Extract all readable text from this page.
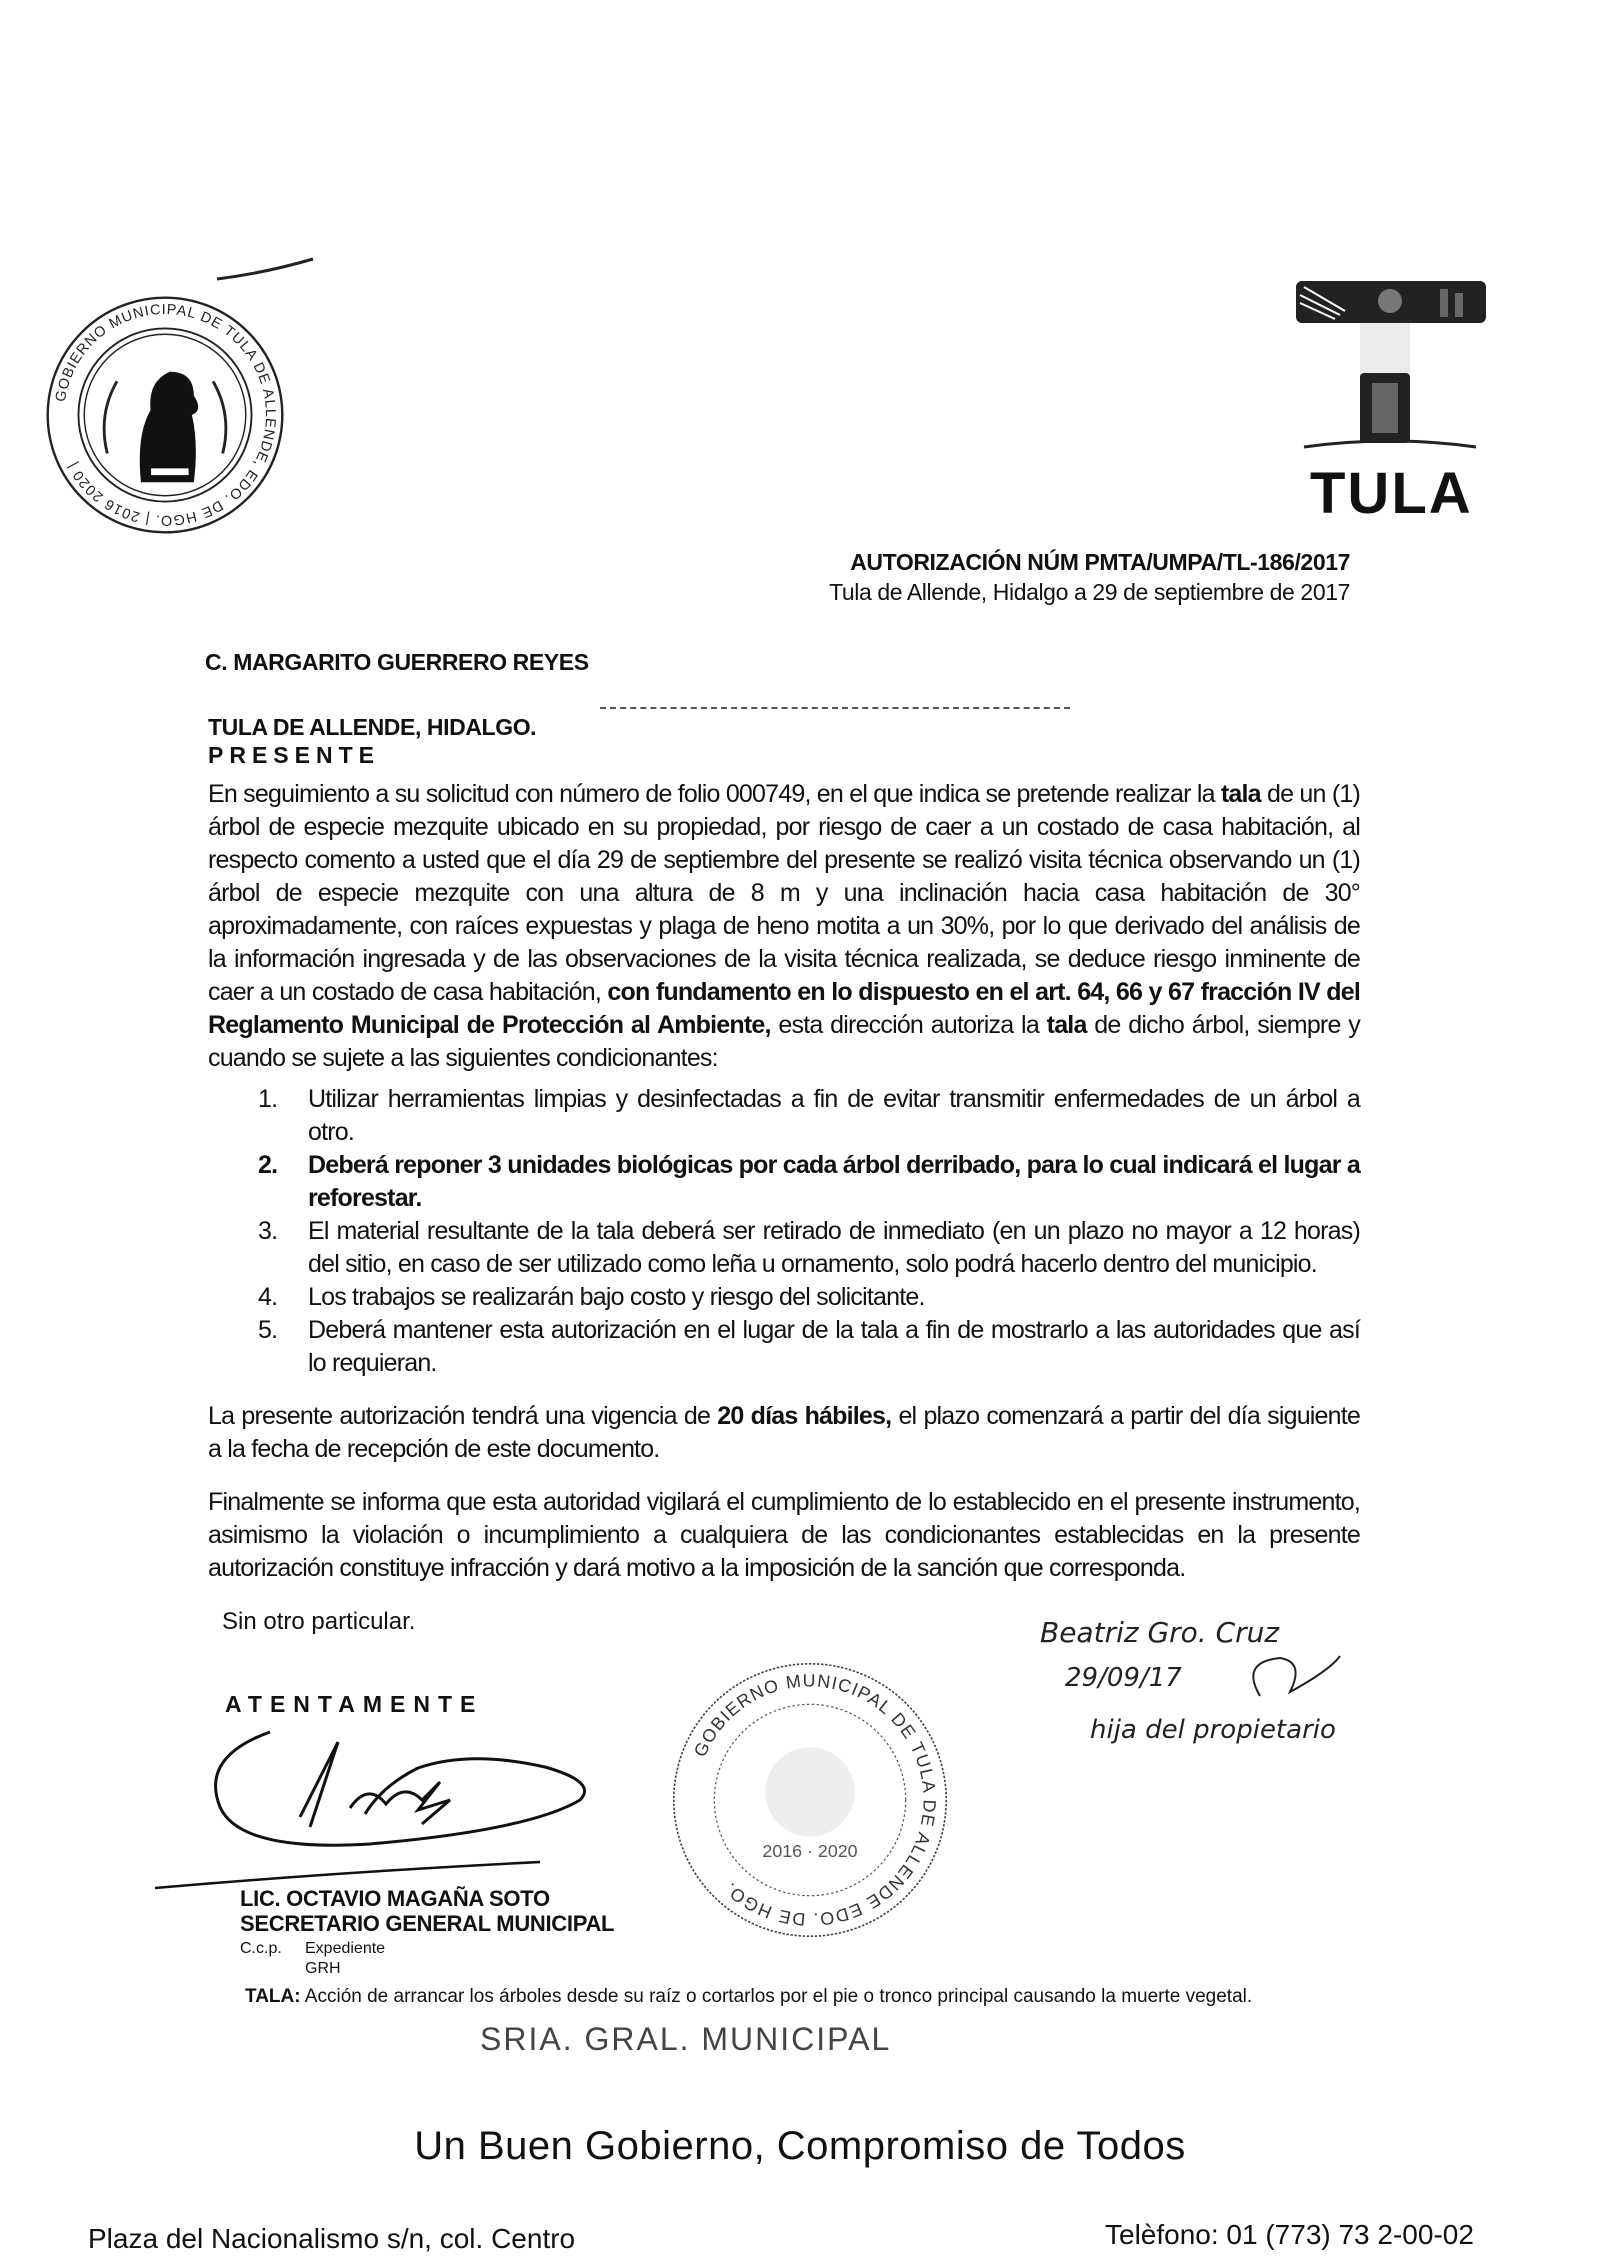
GOBIERNO MUNICIPAL DE TULA DE ALLENDE, EDO. DE HGO. | 2016 2020 |	TULA
AUTORIZACIÓN NÚM PMTA/UMPA/TL-186/2017
Tula de Allende, Hidalgo a 29 de septiembre de 2017
C. MARGARITO GUERRERO REYES
TULA DE ALLENDE, HIDALGO.
PRESENTE

En seguimiento a su solicitud con número de folio 000749, en el que indica se pretende realizar la tala de un (1) árbol de especie mezquite ubicado en su propiedad, por riesgo de caer a un costado de casa habitación, al respecto comento a usted que el día 29 de septiembre del presente se realizó visita técnica observando un (1) árbol de especie mezquite con una altura de 8 m y una inclinación hacia casa habitación de 30° aproximadamente, con raíces expuestas y plaga de heno motita a un 30%, por lo que derivado del análisis de la información ingresada y de las observaciones de la visita técnica realizada, se deduce riesgo inminente de caer a un costado de casa habitación, con fundamento en lo dispuesto en el art. 64, 66 y 67 fracción IV del Reglamento Municipal de Protección al Ambiente, esta dirección autoriza la tala de dicho árbol, siempre y cuando se sujete a las siguientes condicionantes:

1. Utilizar herramientas limpias y desinfectadas a fin de evitar transmitir enfermedades de un árbol a otro.
2. Deberá reponer 3 unidades biológicas por cada árbol derribado, para lo cual indicará el lugar a reforestar.
3. El material resultante de la tala deberá ser retirado de inmediato (en un plazo no mayor a 12 horas) del sitio, en caso de ser utilizado como leña u ornamento, solo podrá hacerlo dentro del municipio.
4. Los trabajos se realizarán bajo costo y riesgo del solicitante.
5. Deberá mantener esta autorización en el lugar de la tala a fin de mostrarlo a las autoridades que así lo requieran.

La presente autorización tendrá una vigencia de 20 días hábiles, el plazo comenzará a partir del día siguiente a la fecha de recepción de este documento.

Finalmente se informa que esta autoridad vigilará el cumplimiento de lo establecido en el presente instrumento, asimismo la violación o incumplimiento a cualquiera de las condicionantes establecidas en la presente autorización constituye infracción y dará motivo a la imposición de la sanción que corresponda.

Sin otro particular.	Beatriz Gro. Cruz
29/09/17
hija del propietario
GOBIERNO MUNICIPAL DE TULA DE ALLENDE EDO. DE HGO.
2016 · 2020
ATENTAMENTE
LIC. OCTAVIO MAGAÑA SOTO
SECRETARIO GENERAL MUNICIPAL
C.c.p.	Expediente
GRH
TALA: Acción de arrancar los árboles desde su raíz o cortarlos por el pie o tronco principal causando la muerte vegetal.
SRIA. GRAL. MUNICIPAL
Un Buen Gobierno, Compromiso de Todos
Plaza del Nacionalismo s/n, col. Centro	Telèfono: 01 (773) 73 2-00-02
